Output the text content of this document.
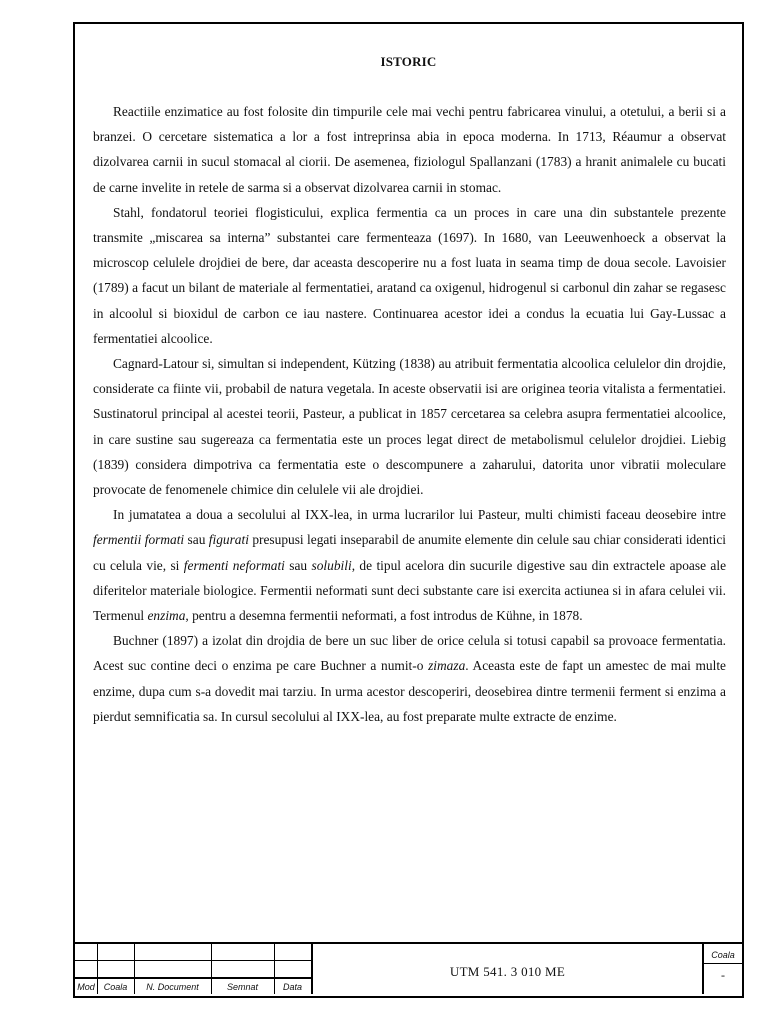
ISTORIC

Reactiile enzimatice au fost folosite din timpurile cele mai vechi pentru fabricarea vinului, a otetului, a berii si a branzei. O cercetare sistematica a lor a fost intreprinsa abia in epoca moderna. In 1713, Réaumur a observat dizolvarea carnii in sucul stomacal al ciorii. De asemenea, fiziologul Spallanzani (1783) a hranit animalele cu bucati de carne invelite in retele de sarma si a observat dizolvarea carnii in stomac.

Stahl, fondatorul teoriei flogisticului, explica fermentia ca un proces in care una din substantele prezente transmite „miscarea sa interna” substantei care fermenteaza (1697). In 1680, van Leeuwenhoeck a observat la microscop celulele drojdiei de bere, dar aceasta descoperire nu a fost luata in seama timp de doua secole. Lavoisier (1789) a facut un bilant de materiale al fermentatiei, aratand ca oxigenul, hidrogenul si carbonul din zahar se regasesc in alcoolul si bioxidul de carbon ce iau nastere. Continuarea acestor idei a condus la ecuatia lui Gay-Lussac a fermentatiei alcoolice.

Cagnard-Latour si, simultan si independent, Kützing (1838) au atribuit fermentatia alcoolica celulelor din drojdie, considerate ca fiinte vii, probabil de natura vegetala. In aceste observatii isi are originea teoria vitalista a fermentatiei. Sustinatorul principal al acestei teorii, Pasteur, a publicat in 1857 cercetarea sa celebra asupra fermentatiei alcoolice, in care sustine sau sugereaza ca fermentatia este un proces legat direct de metabolismul celulelor drojdiei. Liebig (1839) considera dimpotriva ca fermentatia este o descompunere a zaharului, datorita unor vibratii moleculare provocate de fenomenele chimice din celulele vii ale drojdiei.

In jumatatea a doua a secolului al IXX-lea, in urma lucrarilor lui Pasteur, multi chimisti faceau deosebire intre fermentii formati sau figurati presupusi legati inseparabil de anumite elemente din celule sau chiar considerati identici cu celula vie, si fermenti neformati sau solubili, de tipul acelora din sucurile digestive sau din extractele apoase ale diferitelor materiale biologice. Fermentii neformati sunt deci substante care isi exercita actiunea si in afara celulei vii. Termenul enzima, pentru a desemna fermentii neformati, a fost introdus de Kühne, in 1878.

Buchner (1897) a izolat din drojdia de bere un suc liber de orice celula si totusi capabil sa provoace fermentatia. Acest suc contine deci o enzima pe care Buchner a numit-o zimaza. Aceasta este de fapt un amestec de mai multe enzime, dupa cum s-a dovedit mai tarziu. In urma acestor descoperiri, deosebirea dintre termenii ferment si enzima a pierdut semnificatia sa. In cursul secolului al IXX-lea, au fost preparate multe extracte de enzime.

Mod Coala	N. Document	Semnat	Data
UTM 541. 3 010 ME
Coala
-
